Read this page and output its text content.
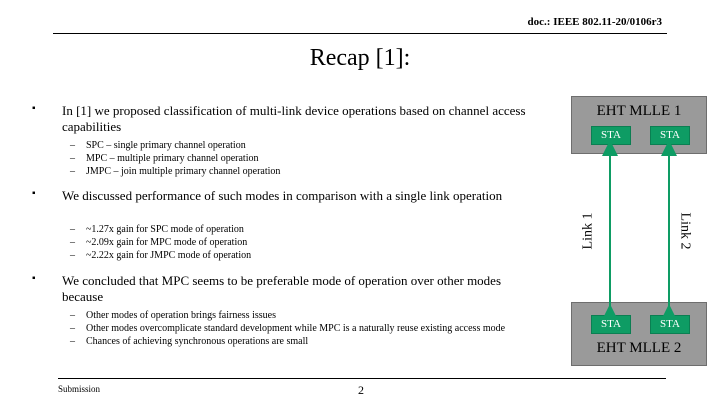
doc.: IEEE 802.11-20/0106r3
Recap [1]:
▪ In [1] we proposed classification of multi-link device operations based on channel access capabilities
– SPC – single primary channel operation
– MPC – multiple primary channel operation
– JMPC – join multiple primary channel operation
▪ We discussed performance of such modes in comparison with a single link operation
– ~1.27x gain for SPC mode of operation
– ~2.09x gain for MPC mode of operation
– ~2.22x gain for JMPC mode of operation
▪ We concluded that MPC seems to be preferable mode of operation over other modes because
– Other modes of operation brings fairness issues
– Other modes overcomplicate standard development while MPC is a naturally reuse existing access mode
– Chances of achieving synchronous operations are small
EHT MLLE 1
STA	STA
EHT MLLE 2
STA	STA
Link 1	Link 2
Submission	2
